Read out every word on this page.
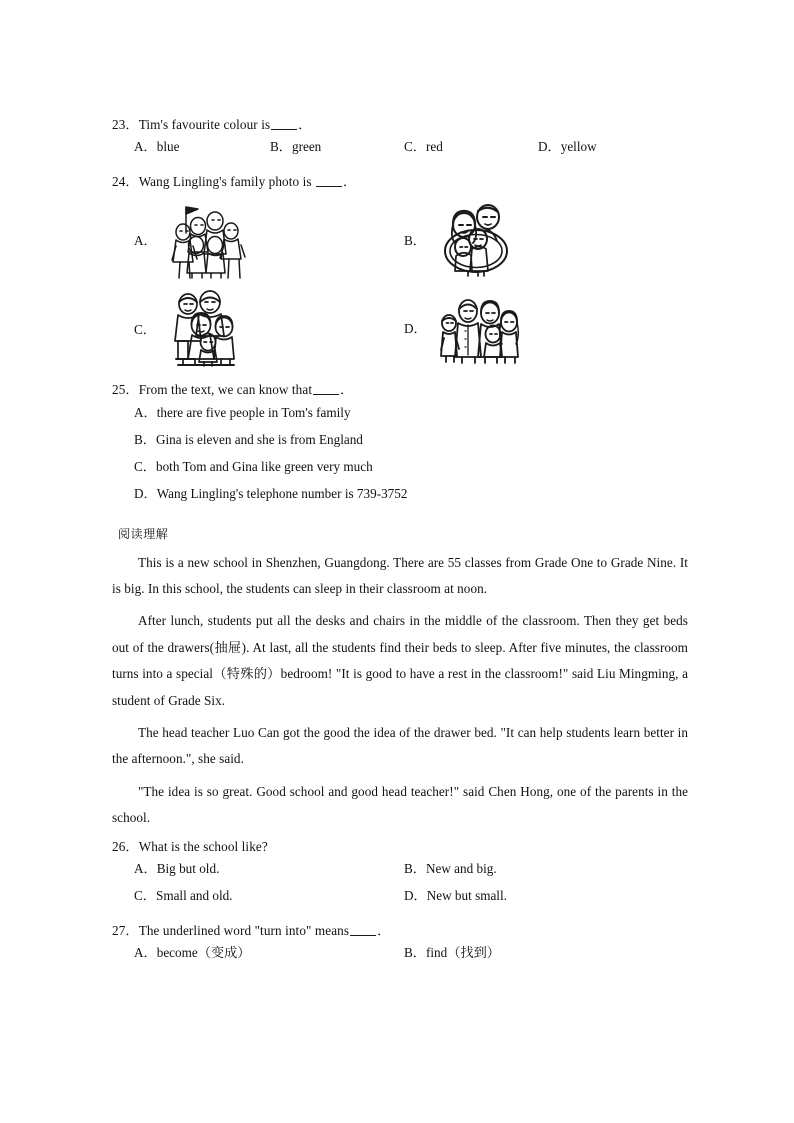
23．Tim's favourite colour is ．
A．blue	B．green	C．red	D．yellow
24．Wang Lingling's family photo is ．
A．	B．
C．	D．
25．From the text, we can know that ．
A．there are five people in Tom's family
B．Gina is eleven and she is from England
C．both Tom and Gina like green very much
D．Wang Lingling's telephone number is 739-3752
阅读理解
This is a new school in Shenzhen, Guangdong. There are 55 classes from Grade One to Grade Nine. It is big. In this school, the students can sleep in their classroom at noon.
After lunch, students put all the desks and chairs in the middle of the classroom. Then they get beds out of the drawers(抽屉). At last, all the students find their beds to sleep. After five minutes, the classroom turns into a special（特殊的）bedroom! "It is good to have a rest in the classroom!" said Liu Mingming, a student of Grade Six.
The head teacher Luo Can got the good the idea of the drawer bed. "It can help students learn better in the afternoon.", she said.
"The idea is so great. Good school and good head teacher!" said Chen Hong, one of the parents in the school.
26．What is the school like?
A．Big but old.	B．New and big.
C．Small and old.	D．New but small.
27．The underlined word "turn into" means ．
A．become（变成）	B．find（找到）
